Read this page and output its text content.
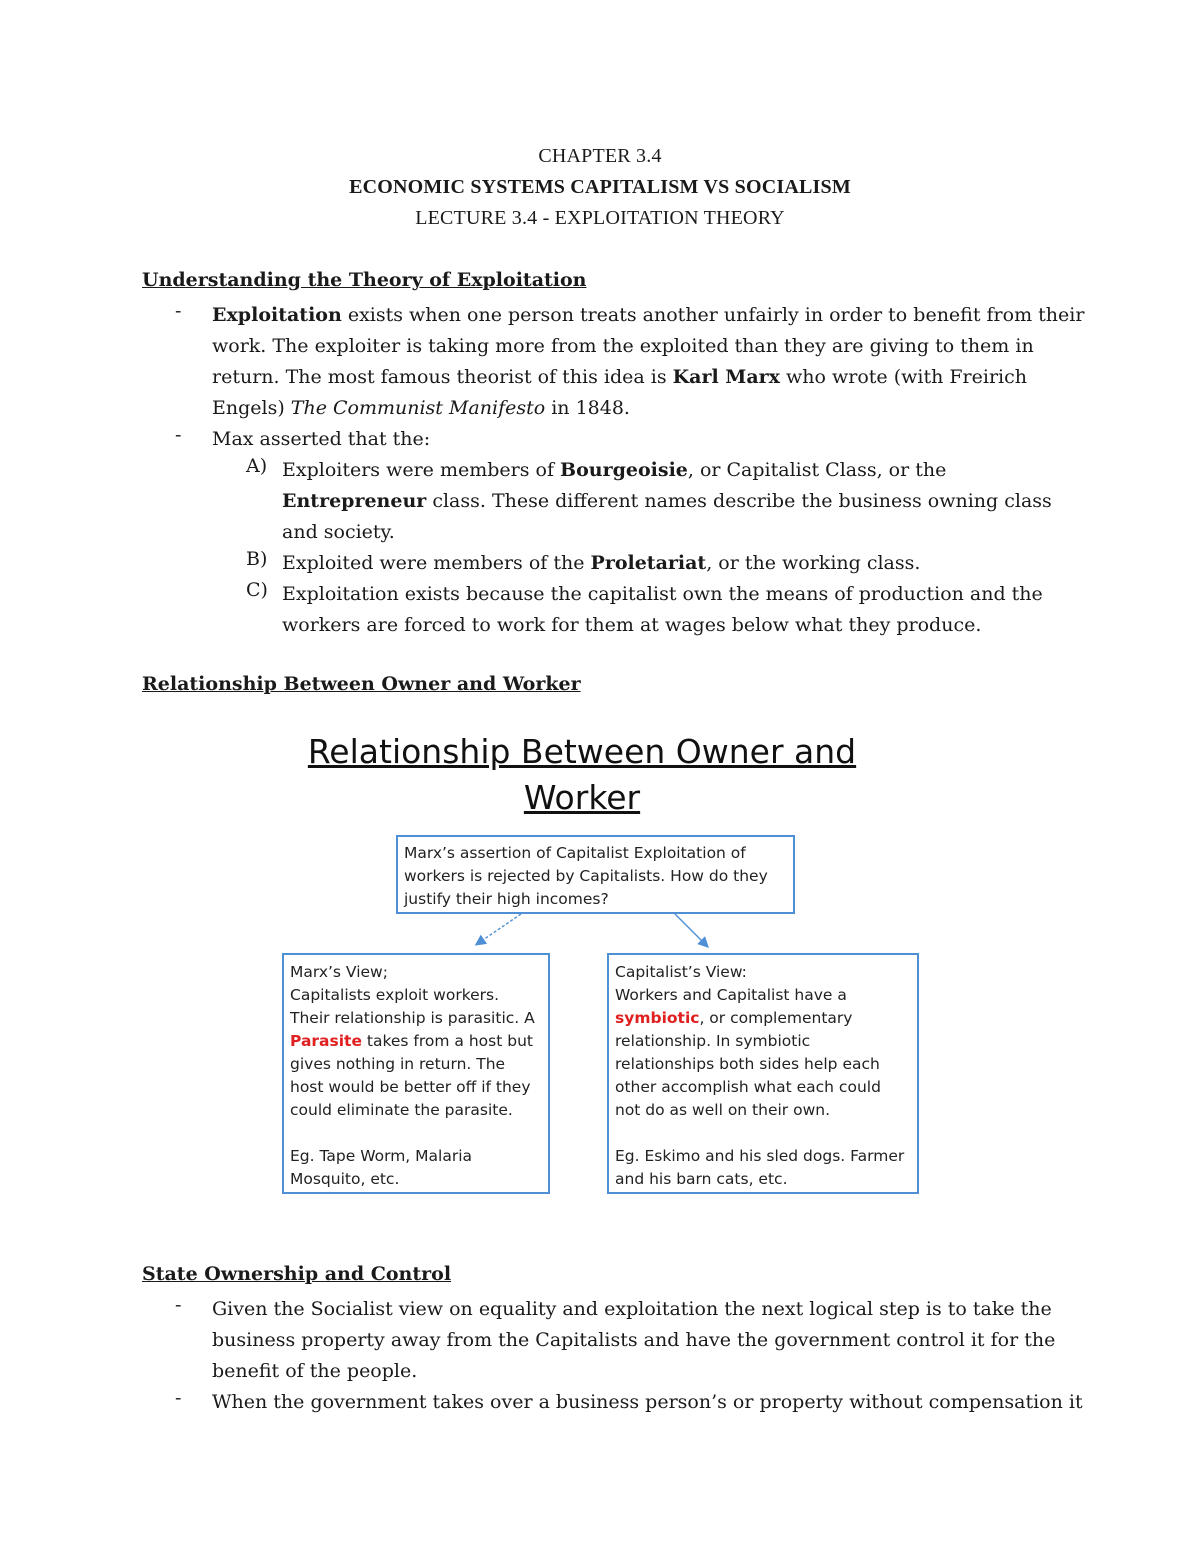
CHAPTER 3.4
ECONOMIC SYSTEMS CAPITALISM VS SOCIALISM
LECTURE 3.4 - EXPLOITATION THEORY
Understanding the Theory of Exploitation
-	Exploitation exists when one person treats another unfairly in order to benefit from their
work. The exploiter is taking more from the exploited than they are giving to them in
return. The most famous theorist of this idea is Karl Marx who wrote (with Freirich
Engels) The Communist Manifesto in 1848.
-	Max asserted that the:
A) Exploiters were members of Bourgeoisie, or Capitalist Class, or the
Entrepreneur class. These different names describe the business owning class
and society.
B) Exploited were members of the Proletariat, or the working class.
C) Exploitation exists because the capitalist own the means of production and the
workers are forced to work for them at wages below what they produce.
Relationship Between Owner and Worker
Relationship Between Owner and
Worker
Marx’s assertion of Capitalist Exploitation of
workers is rejected by Capitalists. How do they
justify their high incomes?
Marx’s View;
Capitalists exploit workers.
Their relationship is parasitic. A
Parasite takes from a host but
gives nothing in return. The
host would be better off if they
could eliminate the parasite.
Eg. Tape Worm, Malaria
Mosquito, etc.
Capitalist’s View:
Workers and Capitalist have a
symbiotic, or complementary
relationship. In symbiotic
relationships both sides help each
other accomplish what each could
not do as well on their own.
Eg. Eskimo and his sled dogs. Farmer
and his barn cats, etc.
State Ownership and Control
-	Given the Socialist view on equality and exploitation the next logical step is to take the
business property away from the Capitalists and have the government control it for the
benefit of the people.
-	When the government takes over a business person’s or property without compensation it
